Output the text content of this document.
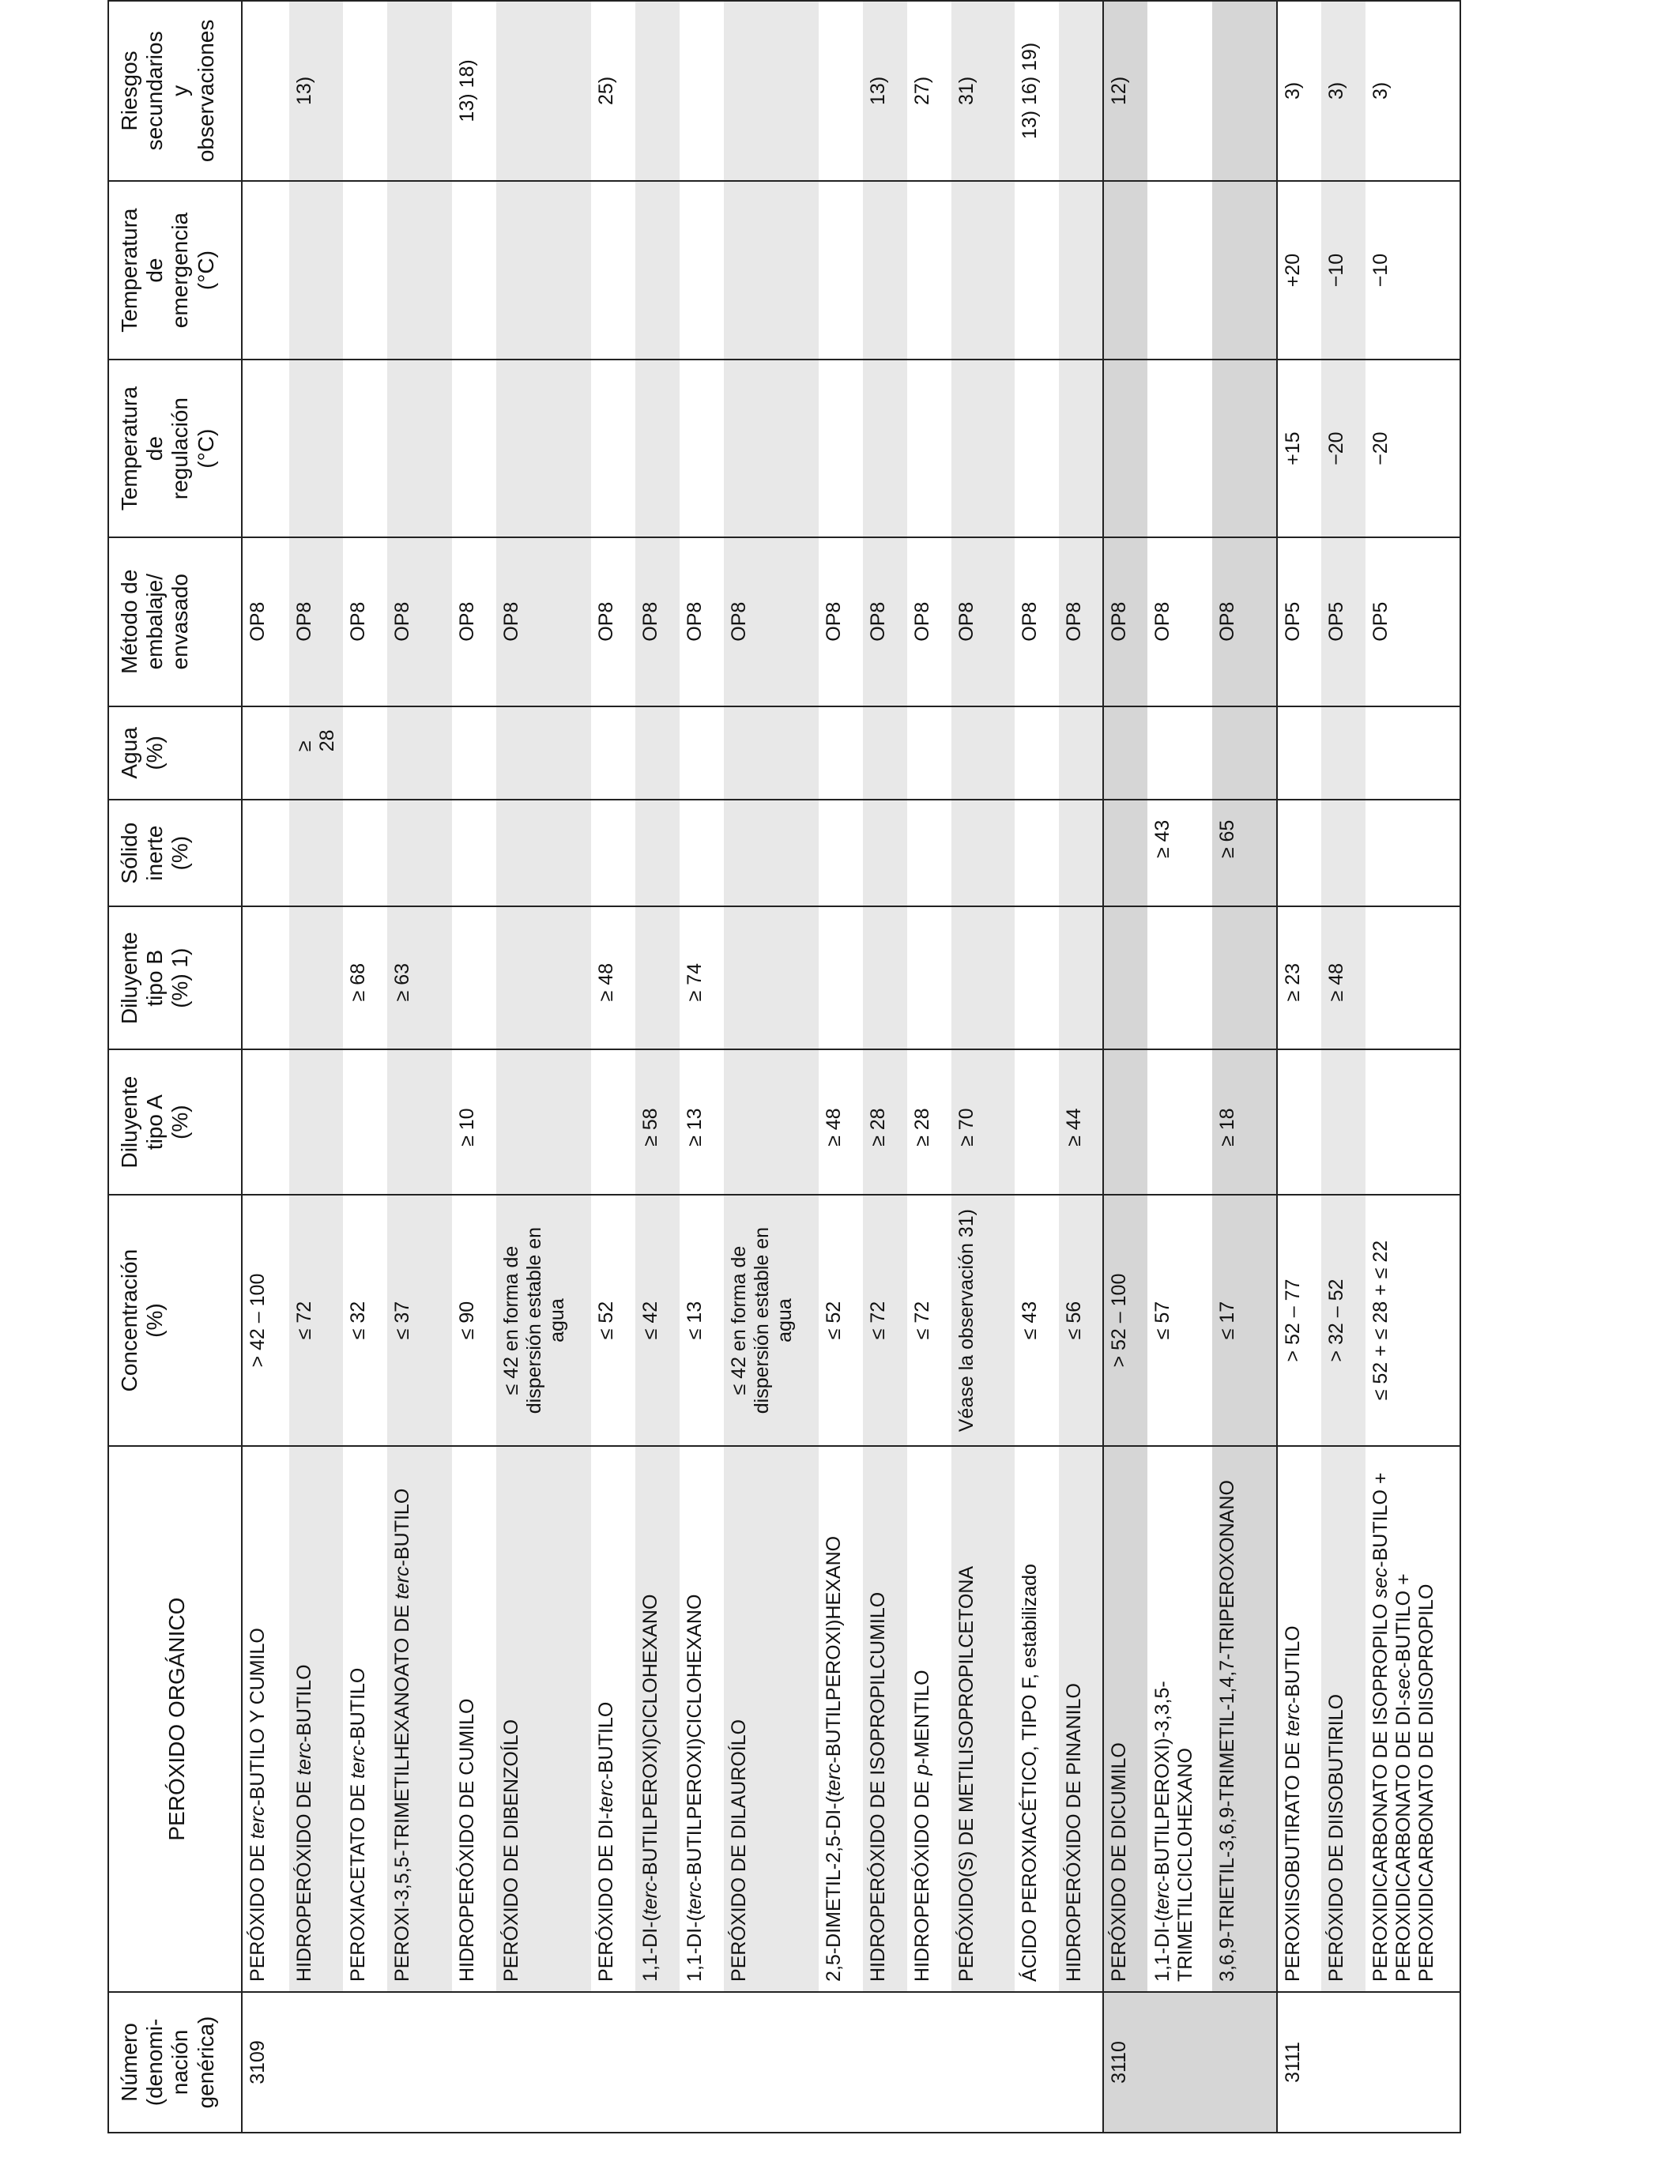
Número
(denomi-
nación
genérica)	PERÓXIDO ORGÁNICO	Concentración
(%)	Diluyente
tipo A
(%)	Diluyente
tipo B
(%) 1)	Sólido
inerte
(%)	Agua
(%)	Método de
embalaje/
envasado	Temperatura
de
regulación
(°C)	Temperatura
de
emergencia
(°C)	Riesgos
secundarios
y
observaciones
3109	PERÓXIDO DE terc-BUTILO Y CUMILO	> 42 – 100					OP8			
	HIDROPERÓXIDO DE terc-BUTILO	≤ 72				≥ 28	OP8			13)
	PEROXIACETATO DE terc-BUTILO	≤ 32		≥ 68			OP8			
	PEROXI-3,5,5-TRIMETILHEXANOATO DE terc-BUTILO	≤ 37		≥ 63			OP8			
	HIDROPERÓXIDO DE CUMILO	≤ 90	≥ 10				OP8			13) 18)
	PERÓXIDO DE DIBENZOÍLO	≤ 42 en forma de dispersión estable en agua					OP8			
	PERÓXIDO DE DI-terc-BUTILO	≤ 52		≥ 48			OP8			25)
	1,1-DI-(terc-BUTILPEROXI)CICLOHEXANO	≤ 42	≥ 58				OP8			
	1,1-DI-(terc-BUTILPEROXI)CICLOHEXANO	≤ 13	≥ 13	≥ 74			OP8			
	PERÓXIDO DE DILAUROÍLO	≤ 42 en forma de dispersión estable en agua					OP8			
	2,5-DIMETIL-2,5-DI-(terc-BUTILPEROXI)HEXANO	≤ 52	≥ 48				OP8			
	HIDROPERÓXIDO DE ISOPROPILCUMILO	≤ 72	≥ 28				OP8			13)
	HIDROPERÓXIDO DE p-MENTILO	≤ 72	≥ 28				OP8			27)
	PERÓXIDO(S) DE METILISOPROPILCETONA	Véase la observación 31)	≥ 70				OP8			31)
	ÁCIDO PEROXIACÉTICO, TIPO F, estabilizado	≤ 43					OP8			13) 16) 19)
	HIDROPERÓXIDO DE PINANILO	≤ 56	≥ 44				OP8			
3110	PERÓXIDO DE DICUMILO	> 52 – 100					OP8			12)
	1,1-DI-(terc-BUTILPEROXI)-3,3,5-TRIMETILCICLOHEXANO	≤ 57			≥ 43		OP8			
	3,6,9-TRIETIL-3,6,9-TRIMETIL-1,4,7-TRIPEROXONANO	≤ 17	≥ 18		≥ 65		OP8			
3111	PEROXIISOBUTIRATO DE terc-BUTILO	> 52 – 77		≥ 23			OP5	+15	+20	3)
	PERÓXIDO DE DIISOBUTIRILO	> 32 – 52		≥ 48			OP5	−20	−10	3)
	PEROXIDICARBONATO DE ISOPROPILO sec-BUTILO + PEROXIDICARBONATO DE DI-sec-BUTILO + PEROXIDICARBONATO DE DIISOPROPILO	≤ 52 + ≤ 28 + ≤ 22					OP5	−20	−10	3)
